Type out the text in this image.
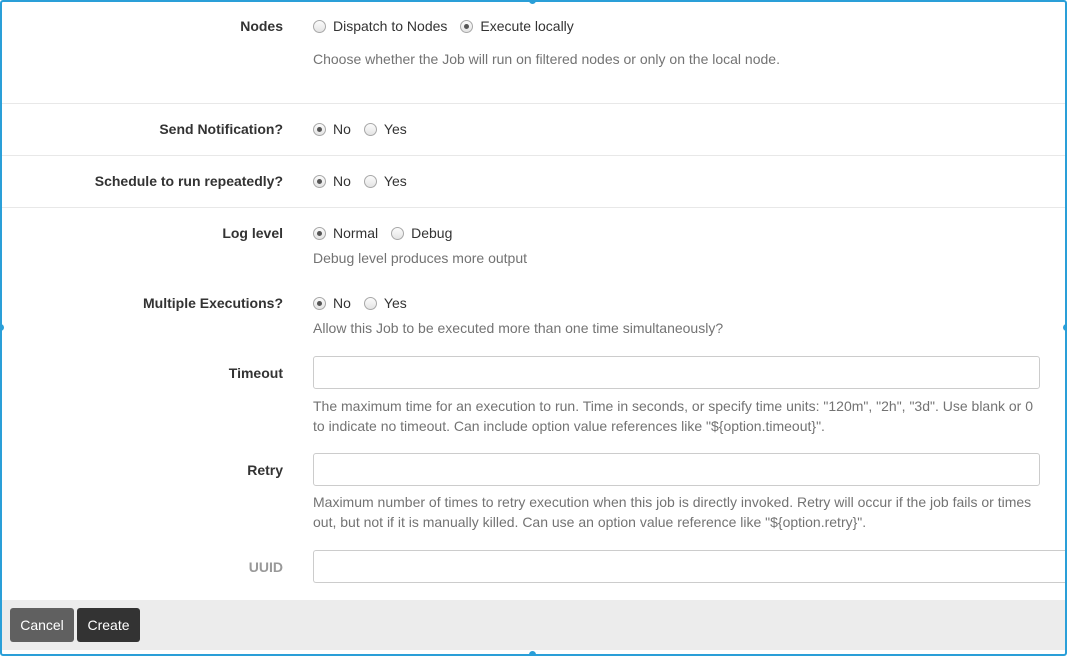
Nodes	Dispatch to Nodes Execute locally
Choose whether the Job will run on filtered nodes or only on the local node.
Send Notification?	No Yes
Schedule to run repeatedly?	No Yes
Log level	Normal Debug
Debug level produces more output
Multiple Executions?	No Yes
Allow this Job to be executed more than one time simultaneously?
Timeout
The maximum time for an execution to run. Time in seconds, or specify time units: "120m", "2h", "3d". Use blank or 0
to indicate no timeout. Can include option value references like "${option.timeout}".
Retry
Maximum number of times to retry execution when this job is directly invoked. Retry will occur if the job fails or times
out, but not if it is manually killed. Can use an option value reference like "${option.retry}".
UUID
Cancel	Create
